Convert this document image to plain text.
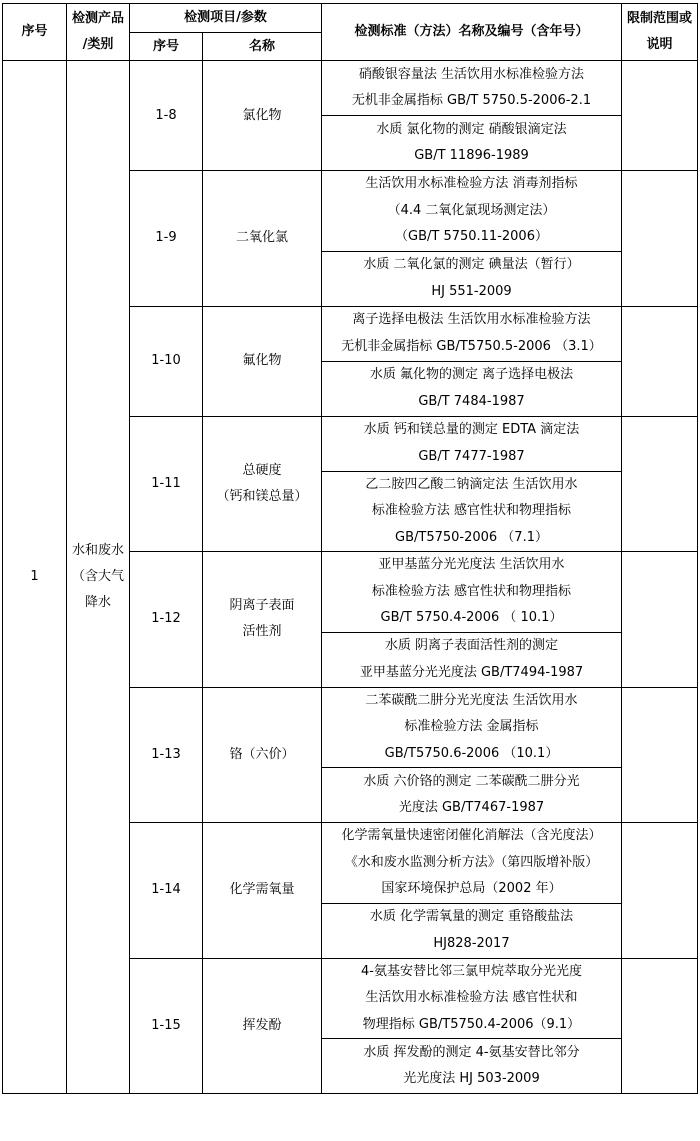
序号	检测产品
/类别	检测项目/参数		检测标准（方法）名称及编号（含年号）	限制范围或
说明

		序号	名称		
1	水和废水
（含大气
降水	1-8	氯化物	硝酸银容量法 生活饮用水标准检验方法
无机非金属指标 GB/T 5750.5-2006-2.1	

				水质 氯化物的测定 硝酸银滴定法
GB/T 11896-1989	

		1-9	二氧化氯	生活饮用水标准检验方法 消毒剂指标
（4.4 二氧化氯现场测定法）
（GB/T 5750.11-2006）	

				水质 二氧化氯的测定 碘量法（暂行）
HJ 551-2009	

		1-10	氟化物	离子选择电极法 生活饮用水标准检验方法
无机非金属指标 GB/T5750.5-2006 （3.1）	

				水质 氟化物的测定 离子选择电极法
GB/T 7484-1987	

		1-11	总硬度
（钙和镁总量）	水质 钙和镁总量的测定 EDTA 滴定法
GB/T 7477-1987	

				乙二胺四乙酸二钠滴定法 生活饮用水
标准检验方法 感官性状和物理指标
GB/T5750-2006 （7.1）	

		1-12	阴离子表面
活性剂	亚甲基蓝分光光度法 生活饮用水
标准检验方法 感官性状和物理指标
GB/T 5750.4-2006 （ 10.1）	

				水质 阴离子表面活性剂的测定
亚甲基蓝分光光度法 GB/T7494-1987	

		1-13	铬（六价）	二苯碳酰二肼分光光度法 生活饮用水
标准检验方法 金属指标
GB/T5750.6-2006 （10.1）	

				水质 六价铬的测定 二苯碳酰二肼分光
光度法 GB/T7467-1987	

		1-14	化学需氧量	化学需氧量快速密闭催化消解法（含光度法）
《水和废水监测分析方法》（第四版增补版）
国家环境保护总局（2002 年）	

				水质 化学需氧量的测定 重铬酸盐法
HJ828-2017	

		1-15	挥发酚	4-氨基安替比邻三氯甲烷萃取分光光度
生活饮用水标准检验方法 感官性状和
物理指标 GB/T5750.4-2006（9.1）	

				水质 挥发酚的测定 4-氨基安替比邻分
光光度法 HJ 503-2009	
